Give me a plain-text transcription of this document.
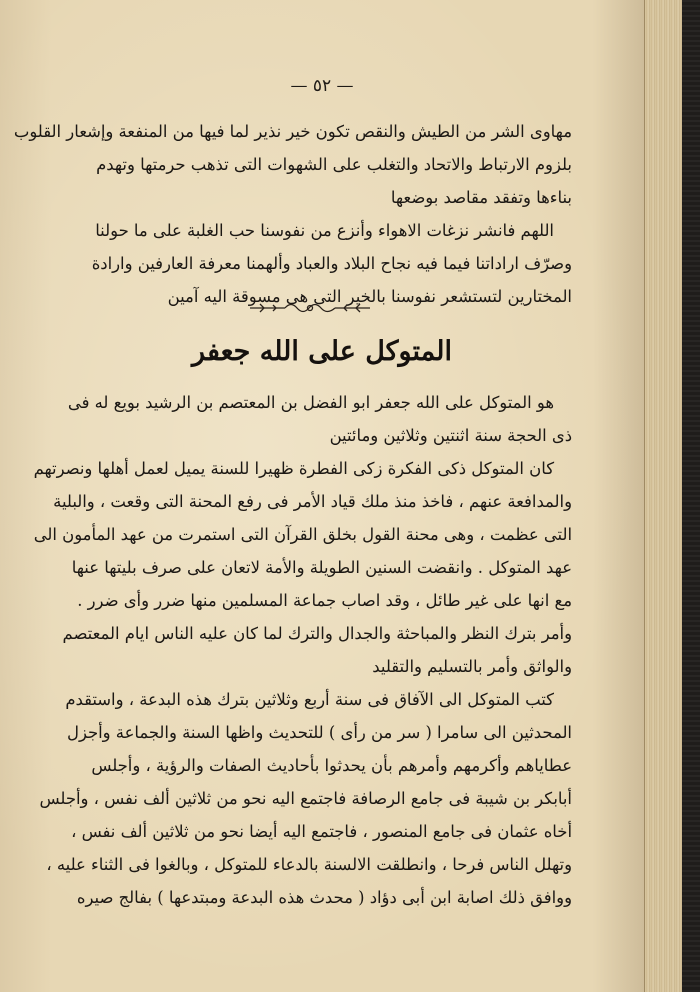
— ٥٢ —
مهاوى الشر من الطيش والنقص تكون خير نذير لما فيها من المنفعة وإشعار القلوب
بلزوم الارتباط والاتحاد والتغلب على الشهوات التى تذهب حرمتها وتهدم
بناءها وتفقد مقاصد بوضعها
اللهم فانشر نزغات الاهواء وأنزع من نفوسنا حب الغلبة على ما حولنا
وصرّف اراداتنا فيما فيه نجاح البلاد والعباد وألهمنا معرفة العارفين وارادة
المختارين لتستشعر نفوسنا بالخير التى هى مسوقة اليه آمين
المتوكل على الله جعفر
هو المتوكل على الله جعفر ابو الفضل بن المعتصم بن الرشيد بويع له فى
ذى الحجة سنة اثنتين وثلاثين ومائتين
كان المتوكل ذكى الفكرة زكى الفطرة ظهيرا للسنة يميل لعمل أهلها ونصرتهم
والمدافعة عنهم ، فاخذ منذ ملك قياد الأمر فى رفع المحنة التى وقعت ، والبلية
التى عظمت ، وهى محنة القول بخلق القرآن التى استمرت من عهد المأمون الى
عهد المتوكل . وانقضت السنين الطويلة والأمة لاتعان على صرف بليتها عنها
مع انها على غير طائل ، وقد اصاب جماعة المسلمين منها ضرر وأى ضرر .
وأمر بترك النظر والمباحثة والجدال والترك لما كان عليه الناس ايام المعتصم
والواثق وأمر بالتسليم والتقليد
كتب المتوكل الى الآفاق فى سنة أربع وثلاثين بترك هذه البدعة ، واستقدم
المحدثين الى سامرا ( سر من رأى ) للتحديث واظها السنة والجماعة وأجزل
عطاياهم وأكرمهم وأمرهم بأن يحدثوا بأحاديث الصفات والرؤية ، وأجلس
أبابكر بن شيبة فى جامع الرصافة فاجتمع اليه نحو من ثلاثين ألف نفس ، وأجلس
أخاه عثمان فى جامع المنصور ، فاجتمع اليه أيضا نحو من ثلاثين ألف نفس ،
وتهلل الناس فرحا ، وانطلقت الالسنة بالدعاء للمتوكل ، وبالغوا فى الثناء عليه ،
ووافق ذلك اصابة ابن أبى دؤاد ( محدث هذه البدعة ومبتدعها ) بفالج صيره
